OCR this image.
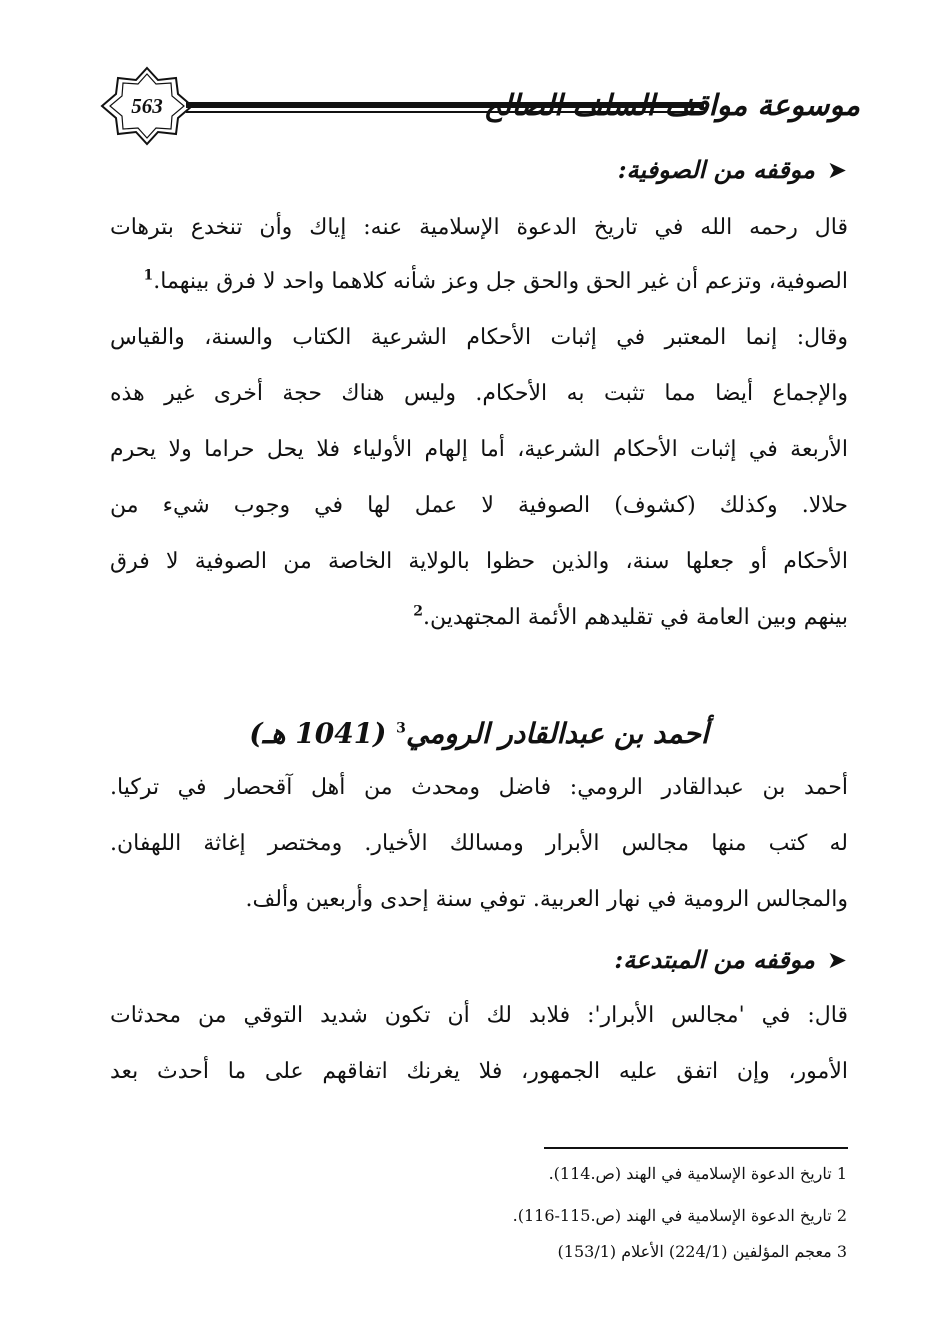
563	موسوعة مواقف السلف الصالح
➤موقفه من الصوفية:
قال رحمه الله في تاريخ الدعوة الإسلامية عنه: إياك وأن تنخدع بترهات
الصوفية، وتزعم أن غير الحق والحق جل وعز شأنه كلاهما واحد لا فرق بينهما.$^1$
وقال: إنما المعتبر في إثبات الأحكام الشرعية الكتاب والسنة، والقياس
والإجماع أيضا مما تثبت به الأحكام. وليس هناك حجة أخرى غير هذه
الأربعة في إثبات الأحكام الشرعية، أما إلهام الأولياء فلا يحل حراما ولا يحرم
حلالا. وكذلك (كشوف) الصوفية لا عمل لها في وجوب شيء من
الأحكام أو جعلها سنة، والذين حظوا بالولاية الخاصة من الصوفية لا فرق
بينهم وبين العامة في تقليدهم الأئمة المجتهدين.$^2$
أحمد بن عبدالقادر الرومي$^3$ (1041 هـ)
أحمد بن عبدالقادر الرومي: فاضل ومحدث من أهل آقحصار في تركيا.
له كتب منها مجالس الأبرار ومسالك الأخيار. ومختصر إغاثة اللهفان.
والمجالس الرومية في نهار العربية. توفي سنة إحدى وأربعين وألف.
➤موقفه من المبتدعة:
قال: في 'مجالس الأبرار': فلابد لك أن تكون شديد التوقي من محدثات
الأمور، وإن اتفق عليه الجمهور، فلا يغرنك اتفاقهم على ما أحدث بعد
1 تاريخ الدعوة الإسلامية في الهند (ص.114).
2 تاريخ الدعوة الإسلامية في الهند (ص.115-116).
3 معجم المؤلفين (224/1) الأعلام (153/1)
